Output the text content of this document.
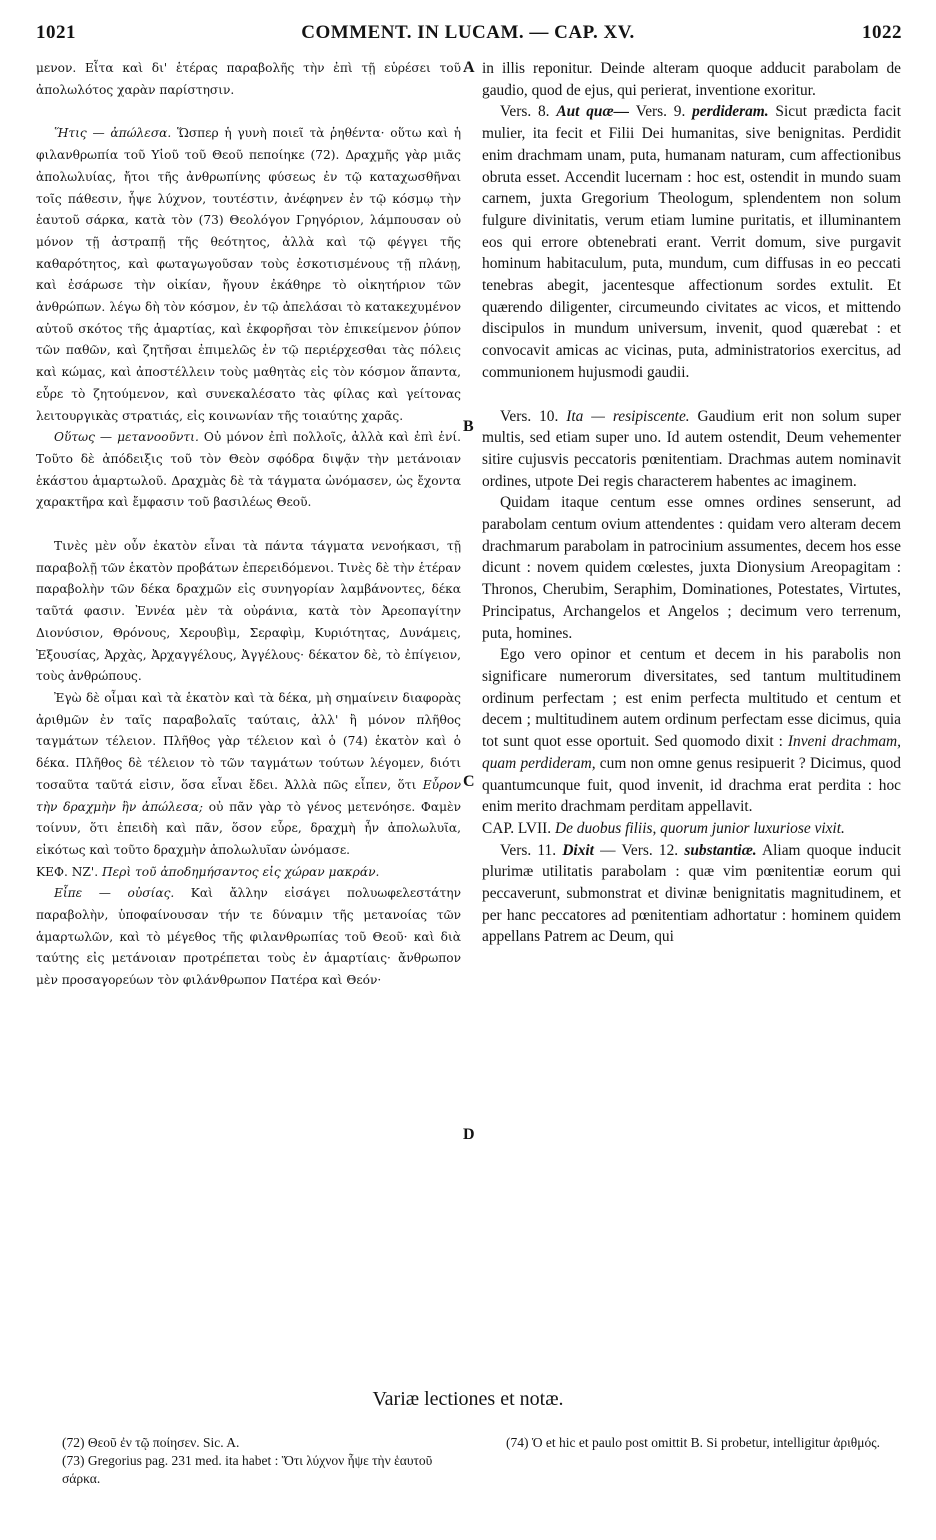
1021	COMMENT. IN LUCAM. — CAP. XV.	1022
A
B
C
D

μενον. Εἶτα καὶ δι' ἑτέρας παραβολῆς τὴν ἐπὶ τῇ εὑρέσει τοῦ ἀπολωλότος χαρὰν παρίστησιν.

Ἥτις — ἀπώλεσα. Ὥσπερ ἡ γυνὴ ποιεῖ τὰ ῥηθέντα· οὕτω καὶ ἡ φιλανθρωπία τοῦ Υἱοῦ τοῦ Θεοῦ πεποίηκε (72). Δραχμῆς γὰρ μιᾶς ἀπολωλυίας, ἤτοι τῆς ἀνθρωπίνης φύσεως ἐν τῷ καταχωσθῆναι τοῖς πάθεσιν, ἧψε λύχνον, τουτέστιν, ἀνέφηνεν ἐν τῷ κόσμῳ τὴν ἑαυτοῦ σάρκα, κατὰ τὸν (73) Θεολόγον Γρηγόριον, λάμπουσαν οὐ μόνον τῇ ἀστραπῇ τῆς θεότητος, ἀλλὰ καὶ τῷ φέγγει τῆς καθαρότητος, καὶ φωταγωγοῦσαν τοὺς ἐσκοτισμένους τῇ πλάνῃ, καὶ ἐσάρωσε τὴν οἰκίαν, ἤγουν ἐκάθηρε τὸ οἰκητήριον τῶν ἀνθρώπων. λέγω δὴ τὸν κόσμον, ἐν τῷ ἀπελάσαι τὸ κατακεχυμένον αὐτοῦ σκότος τῆς ἁμαρτίας, καὶ ἐκφορῆσαι τὸν ἐπικείμενον ῥύπον τῶν παθῶν, καὶ ζητῆσαι ἐπιμελῶς ἐν τῷ περιέρχεσθαι τὰς πόλεις καὶ κώμας, καὶ ἀποστέλλειν τοὺς μαθητὰς εἰς τὸν κόσμον ἅπαντα, εὗρε τὸ ζητούμενον, καὶ συνεκαλέσατο τὰς φίλας καὶ γείτονας λειτουργικὰς στρατιάς, εἰς κοινωνίαν τῆς τοιαύτης χαρᾶς.

Οὕτως — μετανοοῦντι. Οὐ μόνον ἐπὶ πολλοῖς, ἀλλὰ καὶ ἐπὶ ἑνί. Τοῦτο δὲ ἀπόδειξις τοῦ τὸν Θεὸν σφόδρα διψᾷν τὴν μετάνοιαν ἑκάστου ἁμαρτωλοῦ. Δραχμὰς δὲ τὰ τάγματα ὠνόμασεν, ὡς ἔχοντα χαρακτῆρα καὶ ἔμφασιν τοῦ βασιλέως Θεοῦ.

Τινὲς μὲν οὖν ἑκατὸν εἶναι τὰ πάντα τάγματα νενοήκασι, τῇ παραβολῇ τῶν ἑκατὸν προβάτων ἐπερειδόμενοι. Τινὲς δὲ τὴν ἑτέραν παραβολὴν τῶν δέκα δραχμῶν εἰς συνηγορίαν λαμβάνοντες, δέκα ταῦτά φασιν. Ἐννέα μὲν τὰ οὐράνια, κατὰ τὸν Ἀρεοπαγίτην Διονύσιον, Θρόνους, Χερουβὶμ, Σεραφὶμ, Κυριότητας, Δυνάμεις, Ἐξουσίας, Ἀρχὰς, Ἀρχαγγέλους, Ἀγγέλους· δέκατον δὲ, τὸ ἐπίγειον, τοὺς ἀνθρώπους.

Ἐγὼ δὲ οἶμαι καὶ τὰ ἑκατὸν καὶ τὰ δέκα, μὴ σημαίνειν διαφορὰς ἀριθμῶν ἐν ταῖς παραβολαῖς ταύταις, ἀλλ' ἢ μόνον πλῆθος ταγμάτων τέλειον. Πλῆθος γὰρ τέλειον καὶ ὁ (74) ἑκατὸν καὶ ὁ δέκα. Πλῆθος δὲ τέλειον τὸ τῶν ταγμάτων τούτων λέγομεν, διότι τοσαῦτα ταῦτά εἰσιν, ὅσα εἶναι ἔδει. Ἀλλὰ πῶς εἶπεν, ὅτι Εὗρον τὴν δραχμὴν ἣν ἀπώλεσα; οὐ πᾶν γὰρ τὸ γένος μετενόησε. Φαμὲν τοίνυν, ὅτι ἐπειδὴ καὶ πᾶν, ὅσον εὗρε, δραχμὴ ἦν ἀπολωλυῖα, εἰκότως καὶ τοῦτο δραχμὴν ἀπολωλυῖαν ὠνόμασε.

ΚΕΦ. ΝΖ'. Περὶ τοῦ ἀποδημήσαντος εἰς χώραν μακράν.

Εἶπε — οὐσίας. Καὶ ἄλλην εἰσάγει πολυωφελεστάτην παραβολὴν, ὑποφαίνουσαν τήν τε δύναμιν τῆς μετανοίας τῶν ἁμαρτωλῶν, καὶ τὸ μέγεθος τῆς φιλανθρωπίας τοῦ Θεοῦ· καὶ διὰ ταύτης εἰς μετάνοιαν προτρέπεται τοὺς ἐν ἁμαρτίαις· ἄνθρωπον μὲν προσαγορεύων τὸν φιλάνθρωπον Πατέρα καὶ Θεόν·

in illis reponitur. Deinde alteram quoque adducit parabolam de gaudio, quod de ejus, qui perierat, inventione exoritur.

Vers. 8. Aut quæ— Vers. 9. perdideram. Sicut prædicta facit mulier, ita fecit et Filii Dei humanitas, sive benignitas. Perdidit enim drachmam unam, puta, humanam naturam, cum affectionibus obruta esset. Accendit lucernam : hoc est, ostendit in mundo suam carnem, juxta Gregorium Theologum, splendentem non solum fulgure divinitatis, verum etiam lumine puritatis, et illuminantem eos qui errore obtenebrati erant. Verrit domum, sive purgavit hominum habitaculum, puta, mundum, cum diffusas in eo peccati tenebras abegit, jacentesque affectionum sordes extulit. Et quærendo diligenter, circumeundo civitates ac vicos, et mittendo discipulos in mundum universum, invenit, quod quærebat : et convocavit amicas ac vicinas, puta, administratorios exercitus, ad communionem hujusmodi gaudii.

Vers. 10. Ita — resipiscente. Gaudium erit non solum super multis, sed etiam super uno. Id autem ostendit, Deum vehementer sitire cujusvis peccatoris pœnitentiam. Drachmas autem nominavit ordines, utpote Dei regis characterem habentes ac imaginem.

Quidam itaque centum esse omnes ordines senserunt, ad parabolam centum ovium attendentes : quidam vero alteram decem drachmarum parabolam in patrocinium assumentes, decem hos esse dicunt : novem quidem cœlestes, juxta Dionysium Areopagitam : Thronos, Cherubim, Seraphim, Dominationes, Potestates, Virtutes, Principatus, Archangelos et Angelos ; decimum vero terrenum, puta, homines.

Ego vero opinor et centum et decem in his parabolis non significare numerorum diversitates, sed tantum multitudinem ordinum perfectam ; est enim perfecta multitudo et centum et decem ; multitudinem autem ordinum perfectam esse dicimus, quia tot sunt quot esse oportuit. Sed quomodo dixit : Inveni drachmam, quam perdideram, cum non omne genus resipuerit ? Dicimus, quod quantumcunque fuit, quod invenit, id drachma erat perdita : hoc enim merito drachmam perditam appellavit.

CAP. LVII. De duobus filiis, quorum junior luxuriose vixit.

Vers. 11. Dixit — Vers. 12. substantiæ. Aliam quoque inducit plurimæ utilitatis parabolam : quæ vim pœnitentiæ eorum qui peccaverunt, submonstrat et divinæ benignitatis magnitudinem, et per hanc peccatores ad pœnitentiam adhortatur : hominem quidem appellans Patrem ac Deum, qui

Variæ lectiones et notæ.
(72) Θεοῦ ἐν τῷ ποίησεν. Sic. A.
(73) Gregorius pag. 231 med. ita habet : Ὅτι λύχνον ἧψε τὴν ἑαυτοῦ σάρκα.
(74) Ὁ et hic et paulo post omittit B. Si probetur, intelligitur ἀριθμός.
